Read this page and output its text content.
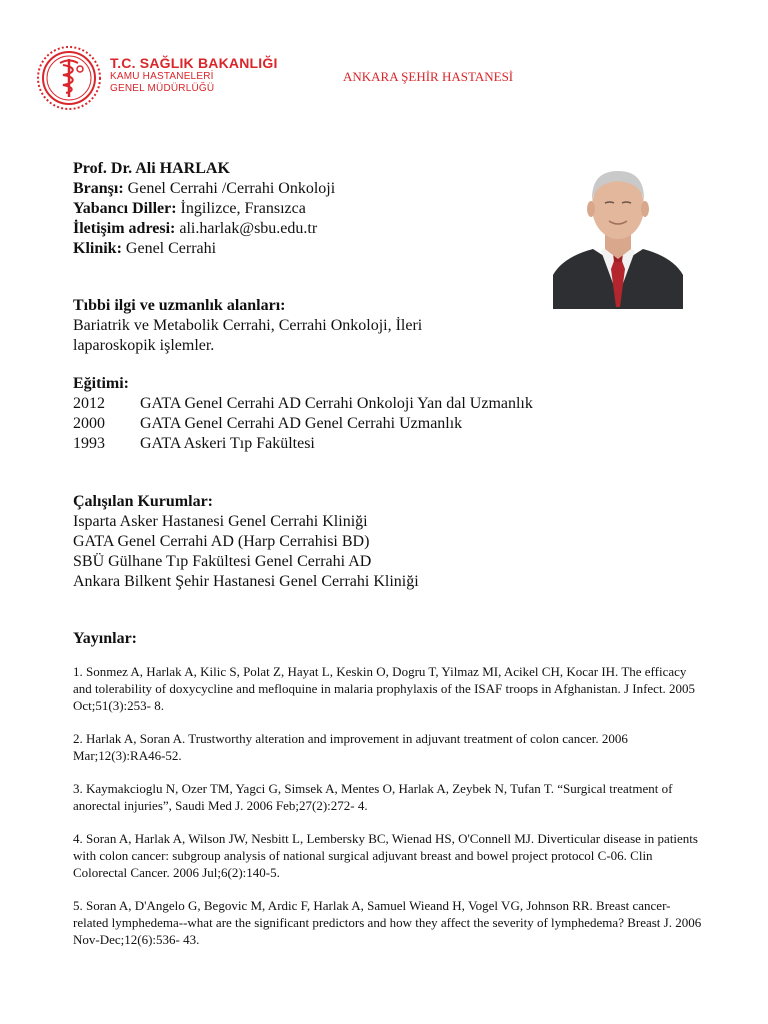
T.C. SAĞLIK BAKANLIĞI
KAMU HASTANELERİ
GENEL MÜDÜRLÜĞÜ
ANKARA ŞEHİR HASTANESİ
Prof. Dr. Ali HARLAK
Branşı: Genel Cerrahi /Cerrahi Onkoloji
Yabancı Diller: İngilizce, Fransızca
İletişim adresi: ali.harlak@sbu.edu.tr
Klinik: Genel Cerrahi
Tıbbi ilgi ve uzmanlık alanları:
Bariatrik ve Metabolik Cerrahi, Cerrahi Onkoloji, İleri
laparoskopik işlemler.
Eğitimi:
2012	GATA Genel Cerrahi AD Cerrahi Onkoloji Yan dal Uzmanlık
2000	GATA Genel Cerrahi AD Genel Cerrahi Uzmanlık
1993	GATA Askeri Tıp Fakültesi
Çalışılan Kurumlar:
Isparta Asker Hastanesi Genel Cerrahi Kliniği
GATA Genel Cerrahi AD (Harp Cerrahisi BD)
SBÜ Gülhane Tıp Fakültesi Genel Cerrahi AD
Ankara Bilkent Şehir Hastanesi Genel Cerrahi Kliniği
Yayınlar:
1. Sonmez A, Harlak A, Kilic S, Polat Z, Hayat L, Keskin O, Dogru T, Yilmaz MI, Acikel CH, Kocar IH. The efficacy and tolerability of doxycycline and mefloquine in malaria prophylaxis of the ISAF troops in Afghanistan. J Infect. 2005 Oct;51(3):253- 8.
2. Harlak A, Soran A. Trustworthy alteration and improvement in adjuvant treatment of colon cancer. 2006 Mar;12(3):RA46-52.
3. Kaymakcioglu N, Ozer TM, Yagci G, Simsek A, Mentes O, Harlak A, Zeybek N, Tufan T. “Surgical treatment of anorectal injuries”, Saudi Med J. 2006 Feb;27(2):272- 4.
4. Soran A, Harlak A, Wilson JW, Nesbitt L, Lembersky BC, Wienad HS, O'Connell MJ. Diverticular disease in patients with colon cancer: subgroup analysis of national surgical adjuvant breast and bowel project protocol C-06. Clin Colorectal Cancer. 2006 Jul;6(2):140-5.
5. Soran A, D'Angelo G, Begovic M, Ardic F, Harlak A, Samuel Wieand H, Vogel VG, Johnson RR. Breast cancer-related lymphedema--what are the significant predictors and how they affect the severity of lymphedema? Breast J. 2006 Nov-Dec;12(6):536- 43.
